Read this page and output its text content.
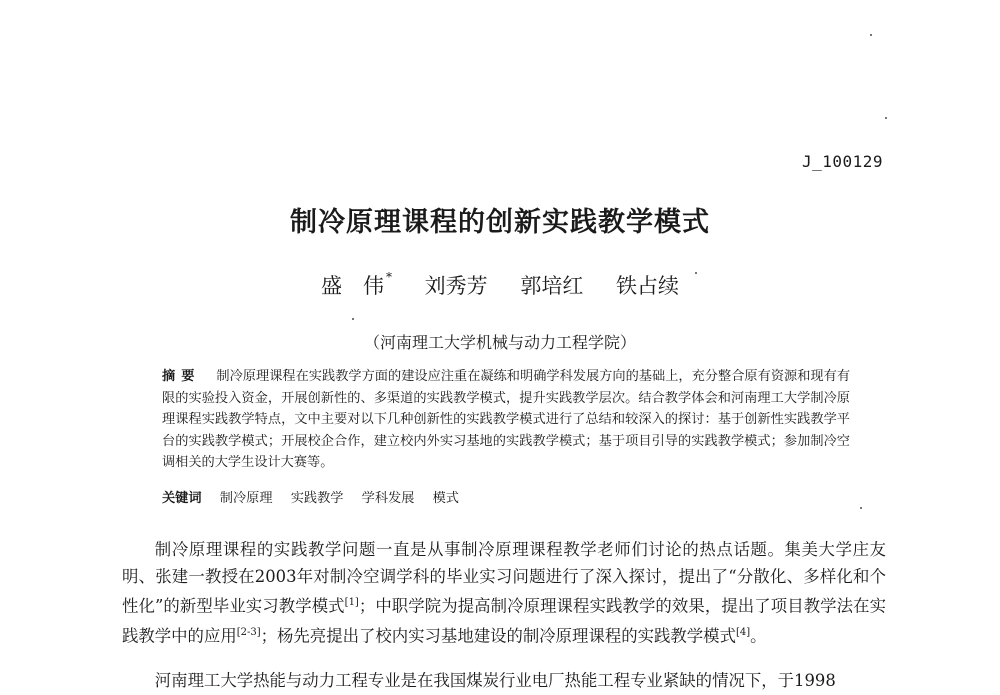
J_100129
制冷原理课程的创新实践教学模式
盛　伟 * 刘秀芳 郭培红 铁占续
（河南理工大学机械与动力工程学院）
摘要 制冷原理课程在实践教学方面的建设应注重在凝练和明确学科发展方向的基础上，充分整合原有资源和现有有限的实验投入资金，开展创新性的、多渠道的实践教学模式，提升实践教学层次。结合教学体会和河南理工大学制冷原理课程实践教学特点，文中主要对以下几种创新性的实践教学模式进行了总结和较深入的探讨：基于创新性实践教学平台的实践教学模式；开展校企合作，建立校内外实习基地的实践教学模式；基于项目引导的实践教学模式；参加制冷空调相关的大学生设计大赛等。
关键词 制冷原理 实践教学 学科发展 模式
制冷原理课程的实践教学问题一直是从事制冷原理课程教学老师们讨论的热点话题。集美大学庄友明、张建一教授在2003年对制冷空调学科的毕业实习问题进行了深入探讨，提出了“分散化、多样化和个性化”的新型毕业实习教学模式[1]；中职学院为提高制冷原理课程实践教学的效果，提出了项目教学法在实践教学中的应用[2-3]；杨先亮提出了校内实习基地建设的制冷原理课程的实践教学模式[4]。
河南理工大学热能与动力工程专业是在我国煤炭行业电厂热能工程专业紧缺的情况下，于1998
